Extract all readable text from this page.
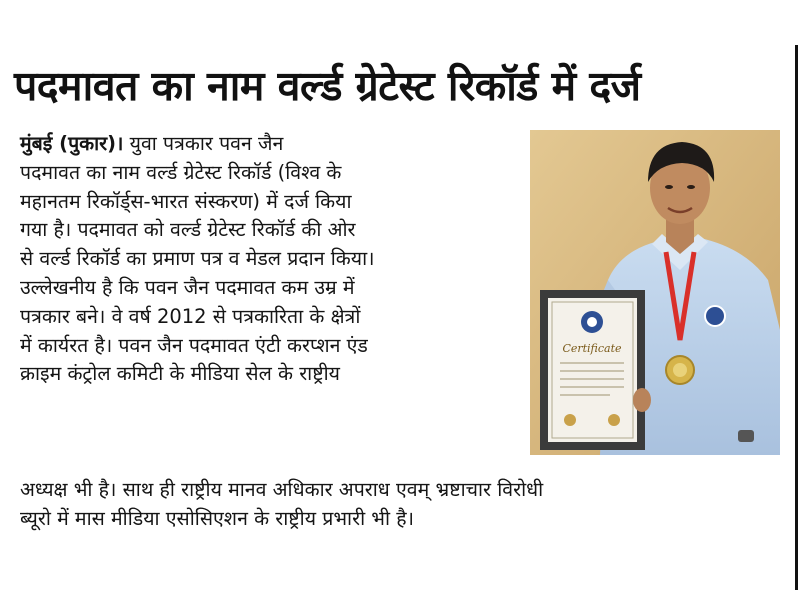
पदमावत का नाम वर्ल्ड ग्रेटेस्ट रिकॉर्ड में दर्ज
मुंबई (पुकार)। युवा पत्रकार पवन जैन
पदमावत का नाम वर्ल्ड ग्रेटेस्ट रिकॉर्ड (विश्व के
महानतम रिकॉर्ड्स-भारत संस्करण) में दर्ज किया
गया है। पदमावत को वर्ल्ड ग्रेटेस्ट रिकॉर्ड की ओर
से वर्ल्ड रिकॉर्ड का प्रमाण पत्र व मेडल प्रदान किया।
उल्लेखनीय है कि पवन जैन पदमावत कम उम्र में
पत्रकार बने। वे वर्ष 2012 से पत्रकारिता के क्षेत्रों
में कार्यरत है। पवन जैन पदमावत एंटी करप्शन एंड
क्राइम कंट्रोल कमिटी के मीडिया सेल के राष्ट्रीय
अध्यक्ष भी है। साथ ही राष्ट्रीय मानव अधिकार अपराध एवम् भ्रष्टाचार विरोधी
ब्यूरो में मास मीडिया एसोसिएशन के राष्ट्रीय प्रभारी भी है।
Certificate
